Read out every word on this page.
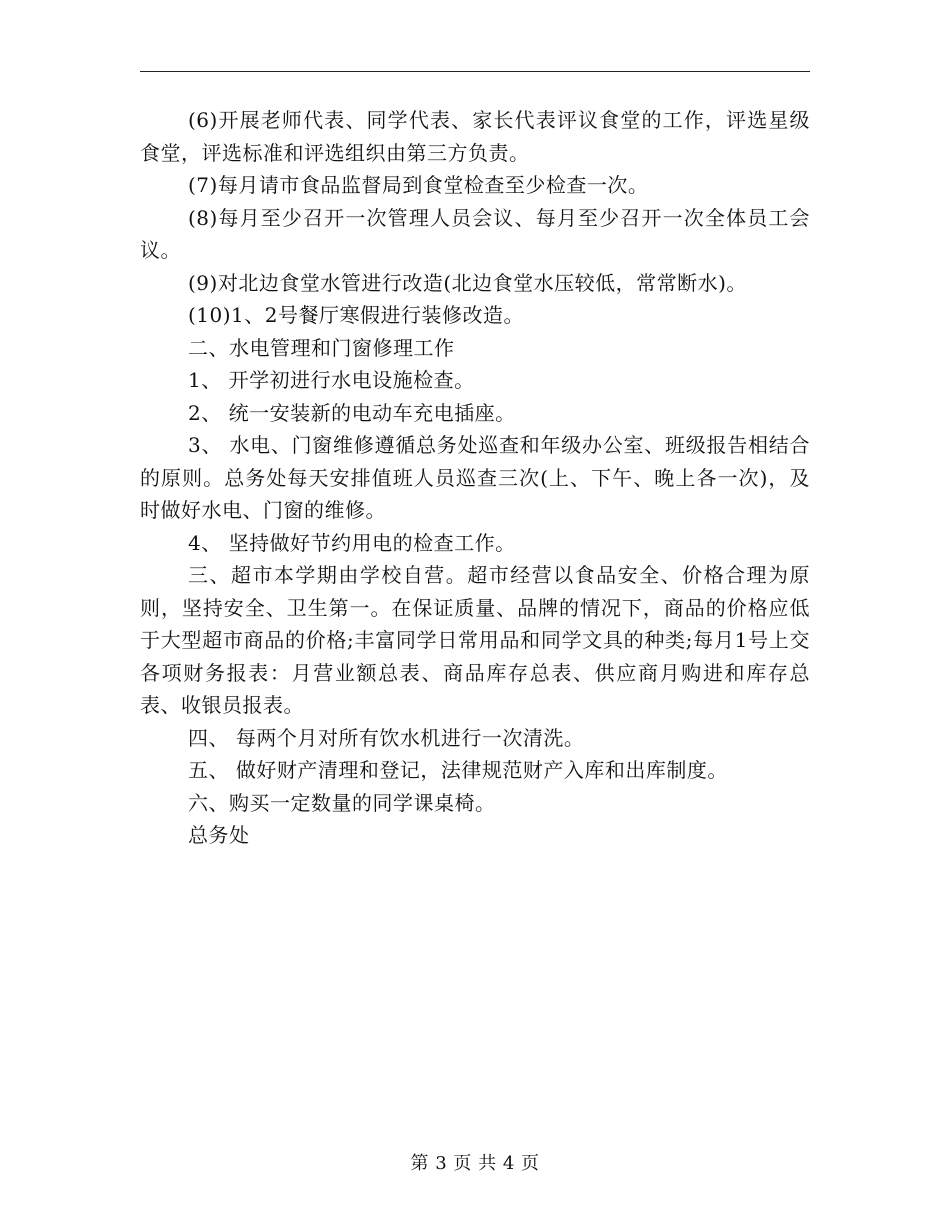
(6)开展老师代表、同学代表、家长代表评议食堂的工作，评选星级食堂，评选标准和评选组织由第三方负责。

(7)每月请市食品监督局到食堂检查至少检查一次。

(8)每月至少召开一次管理人员会议、每月至少召开一次全体员工会议。

(9)对北边食堂水管进行改造(北边食堂水压较低，常常断水)。

(10)1、2号餐厅寒假进行装修改造。

二、水电管理和门窗修理工作

1、 开学初进行水电设施检查。

2、 统一安装新的电动车充电插座。

3、 水电、门窗维修遵循总务处巡查和年级办公室、班级报告相结合的原则。总务处每天安排值班人员巡查三次(上、下午、晚上各一次)，及时做好水电、门窗的维修。

4、 坚持做好节约用电的检查工作。

三、超市本学期由学校自营。超市经营以食品安全、价格合理为原则，坚持安全、卫生第一。在保证质量、品牌的情况下，商品的价格应低于大型超市商品的价格;丰富同学日常用品和同学文具的种类;每月1号上交各项财务报表：月营业额总表、商品库存总表、供应商月购进和库存总表、收银员报表。

四、 每两个月对所有饮水机进行一次清洗。

五、 做好财产清理和登记，法律规范财产入库和出库制度。

六、购买一定数量的同学课桌椅。

总务处

第 3 页 共 4 页
